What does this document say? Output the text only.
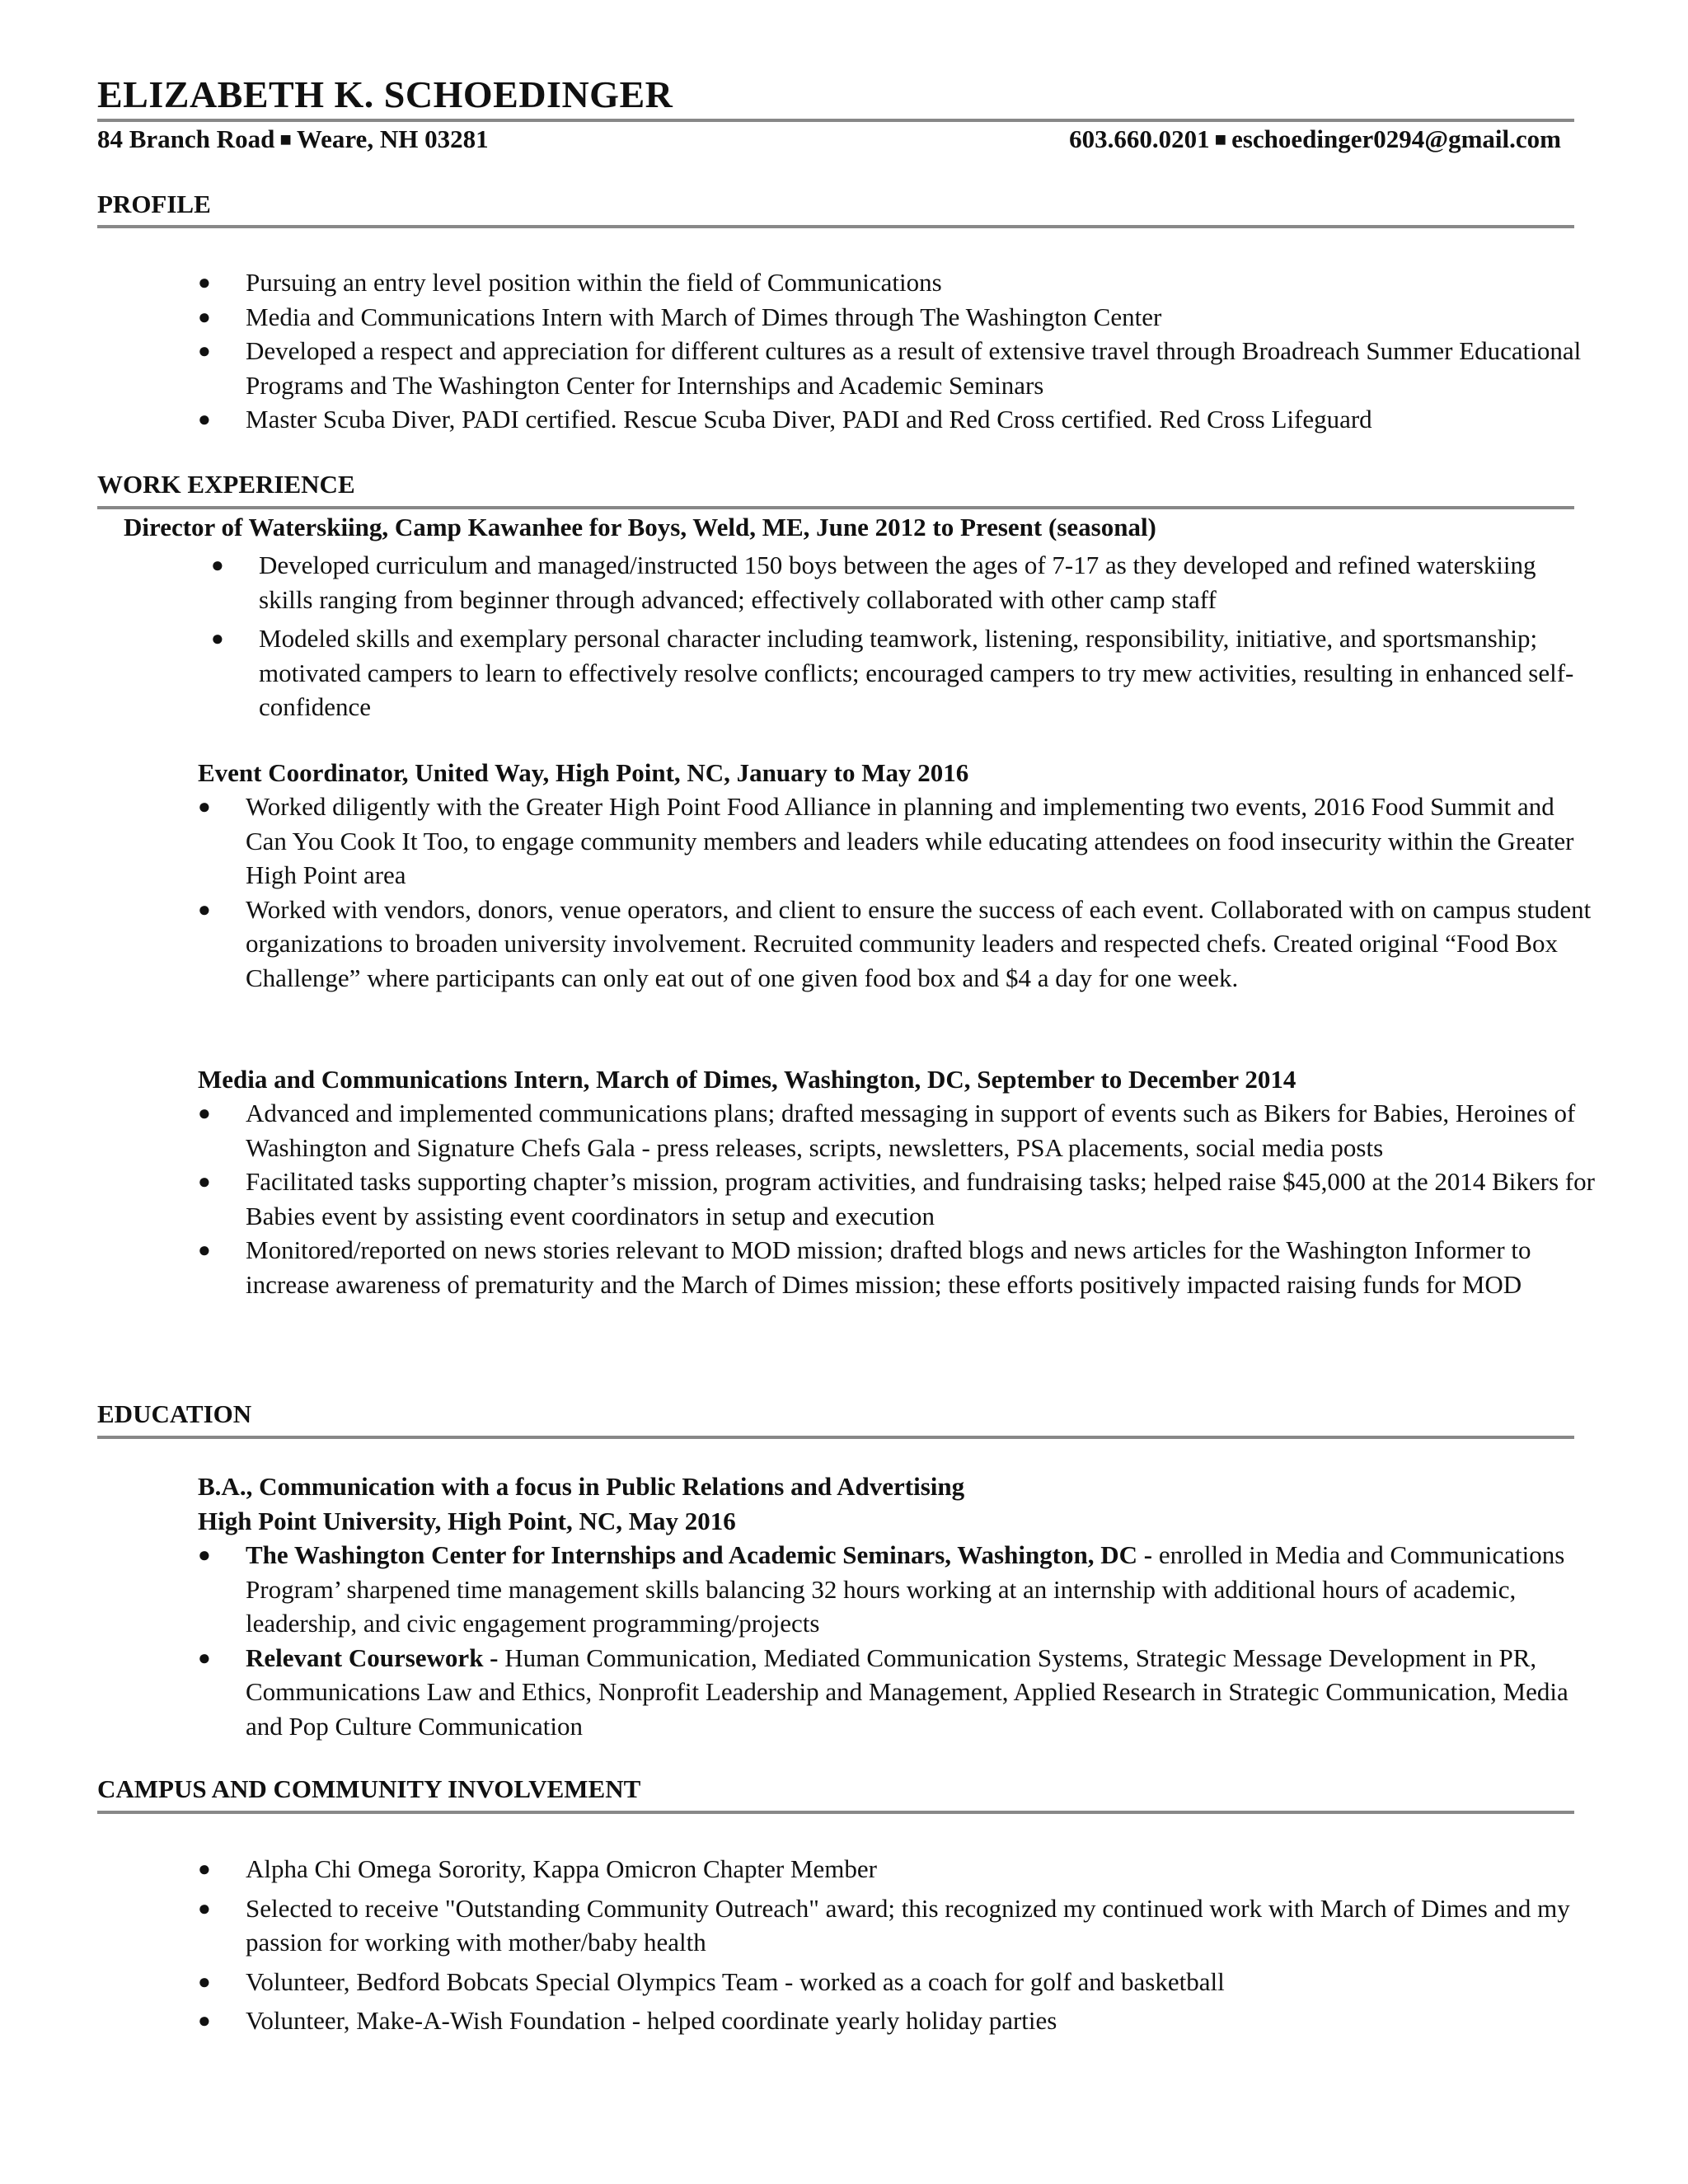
ELIZABETH K. SCHOEDINGER
84 Branch Road ■ Weare, NH 03281	603.660.0201 ■ eschoedinger0294@gmail.com
PROFILE
● Pursuing an entry level position within the field of Communications
● Media and Communications Intern with March of Dimes through The Washington Center
● Developed a respect and appreciation for different cultures as a result of extensive travel through Broadreach Summer Educational Programs and The Washington Center for Internships and Academic Seminars
● Master Scuba Diver, PADI certified. Rescue Scuba Diver, PADI and Red Cross certified. Red Cross Lifeguard
WORK EXPERIENCE
Director of Waterskiing, Camp Kawanhee for Boys, Weld, ME, June 2012 to Present (seasonal)
● Developed curriculum and managed/instructed 150 boys between the ages of 7-17 as they developed and refined waterskiing skills ranging from beginner through advanced; effectively collaborated with other camp staff
● Modeled skills and exemplary personal character including teamwork, listening, responsibility, initiative, and sportsmanship; motivated campers to learn to effectively resolve conflicts; encouraged campers to try mew activities, resulting in enhanced self-confidence
Event Coordinator, United Way, High Point, NC, January to May 2016
● Worked diligently with the Greater High Point Food Alliance in planning and implementing two events, 2016 Food Summit and Can You Cook It Too, to engage community members and leaders while educating attendees on food insecurity within the Greater High Point area
● Worked with vendors, donors, venue operators, and client to ensure the success of each event. Collaborated with on campus student organizations to broaden university involvement. Recruited community leaders and respected chefs. Created original “Food Box Challenge” where participants can only eat out of one given food box and $4 a day for one week.
Media and Communications Intern, March of Dimes, Washington, DC, September to December 2014
● Advanced and implemented communications plans; drafted messaging in support of events such as Bikers for Babies, Heroines of Washington and Signature Chefs Gala - press releases, scripts, newsletters, PSA placements, social media posts
● Facilitated tasks supporting chapter’s mission, program activities, and fundraising tasks; helped raise $45,000 at the 2014 Bikers for Babies event by assisting event coordinators in setup and execution
● Monitored/reported on news stories relevant to MOD mission; drafted blogs and news articles for the Washington Informer to increase awareness of prematurity and the March of Dimes mission; these efforts positively impacted raising funds for MOD
EDUCATION
B.A., Communication with a focus in Public Relations and Advertising
High Point University, High Point, NC, May 2016
● The Washington Center for Internships and Academic Seminars, Washington, DC - enrolled in Media and Communications Program’ sharpened time management skills balancing 32 hours working at an internship with additional hours of academic, leadership, and civic engagement programming/projects
● Relevant Coursework - Human Communication, Mediated Communication Systems, Strategic Message Development in PR, Communications Law and Ethics, Nonprofit Leadership and Management, Applied Research in Strategic Communication, Media and Pop Culture Communication
CAMPUS AND COMMUNITY INVOLVEMENT
● Alpha Chi Omega Sorority, Kappa Omicron Chapter Member
● Selected to receive "Outstanding Community Outreach" award; this recognized my continued work with March of Dimes and my passion for working with mother/baby health
● Volunteer, Bedford Bobcats Special Olympics Team - worked as a coach for golf and basketball
● Volunteer, Make-A-Wish Foundation - helped coordinate yearly holiday parties
